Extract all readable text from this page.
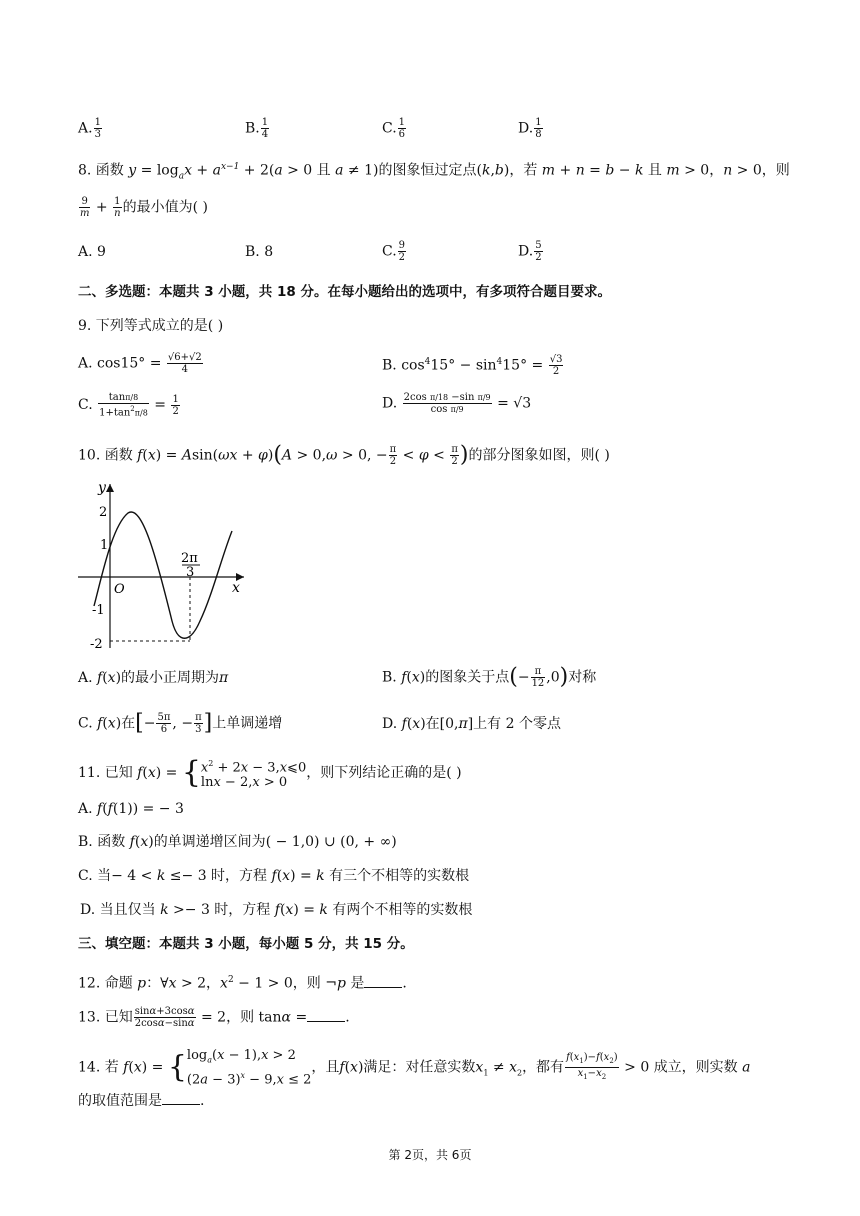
A. $\frac{1}{3}$	B. $\frac{1}{4}$	C. $\frac{1}{6}$	D. $\frac{1}{8}$
8. 函数 $y = \log_ax + a^{x-1} + 2(a > 0$ 且 a ≠ 1)的图象恒过定点(k,b)，若 m + n = b − k 且 m > 0，n > 0，则
$\frac{9}{m} + \frac{1}{n}$ 的最小值为( )
A. 9	B. 8	C. $\frac{9}{2}$	D. $\frac{5}{2}$
二、多选题：本题共 3 小题，共 18 分。在每小题给出的选项中，有多项符合题目要求。
9. 下列等式成立的是( )
A. $\cos 15^\circ = \frac{√6+√2}{4}$	B. $\cos^415^\circ - \sin^415^\circ = \frac{√3}{2}$
C. $\frac{\tan\pi/8}{1+\tan^2\pi/8} = \frac{1}{2}$	D. $\frac{\text{2cos π/18 −sin π/9}}{\text{cos π/9}} = √3$
10. 函数 f(x) = Asin(ωx + φ)(A > 0,ω > 0, − $\frac{\pi}{2} < \varphi < \frac{\pi}{2}$ )的部分图象如图，则( )
y
x
O
2
1
-1
-2
2π
3
A. f(x)的最小正周期为π	B. f(x)的图象关于点(− $\frac{\pi}{12} ,0$)对称
C. f(x)在[− $\frac{5\pi}{6}$ , − $\frac{\pi}{3}$ ]上单调递增	D. f(x)在[0,π]上有 2 个零点
11. 已知 $f(x) = \{x^2 + 2x$ − 3,x⩽0
lnx − 2,x > 0，则下列结论正确的是( )
A. f(f(1)) = − 3
B. 函数 f(x)的单调递增区间为( − 1,0) ∪ (0, + ∞)
C. 当− 4 < k ≤− 3 时，方程 f(x) = k 有三个不相等的实数根
D. 当且仅当 k >− 3 时，方程 f(x) = k 有两个不相等的实数根
三、填空题：本题共 3 小题，每小题 5 分，共 15 分。
12. 命题 p：∀x > 2，$x^2 - 1 > 0$，则 ¬p 是	.
13. 已知 $\frac{\sin\alpha+3\cos\alpha}{2\cos\alpha-\sin\alpha} = 2$，则 tanα =	.
14. 若 $f(x) = \{\log_a(x - 1),x > 2$
$(2a - 3)^x - 9,x \le 2$，且f(x)满足：对任意实数$x_1 \ne x_2$，都有 $\frac{f(x_1)-f(x_2)}{x_1-x_2} > 0$ 成立，则实数 a
的取值范围是	.
第 2页，共 6页
